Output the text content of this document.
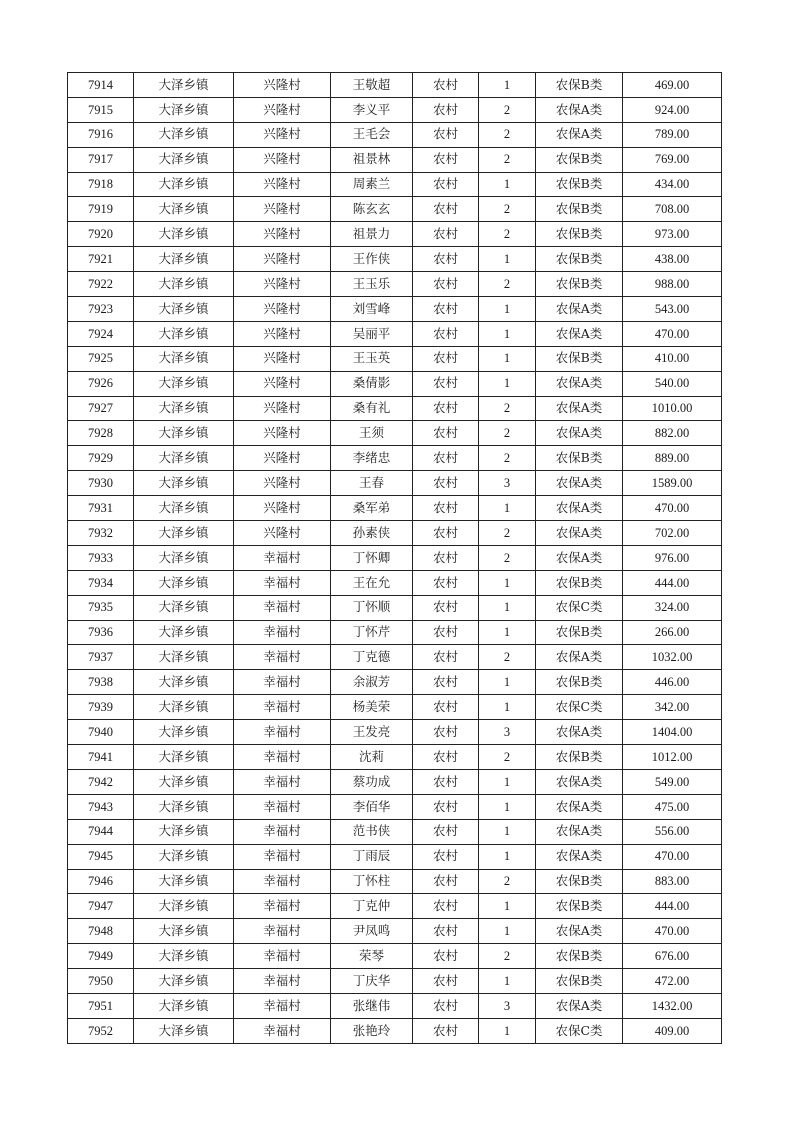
7914	大泽乡镇	兴隆村	王敬超	农村	1	农保B类	469.00
7915	大泽乡镇	兴隆村	李义平	农村	2	农保A类	924.00
7916	大泽乡镇	兴隆村	王毛会	农村	2	农保A类	789.00
7917	大泽乡镇	兴隆村	祖景林	农村	2	农保B类	769.00
7918	大泽乡镇	兴隆村	周素兰	农村	1	农保B类	434.00
7919	大泽乡镇	兴隆村	陈玄玄	农村	2	农保B类	708.00
7920	大泽乡镇	兴隆村	祖景力	农村	2	农保B类	973.00
7921	大泽乡镇	兴隆村	王作侠	农村	1	农保B类	438.00
7922	大泽乡镇	兴隆村	王玉乐	农村	2	农保B类	988.00
7923	大泽乡镇	兴隆村	刘雪峰	农村	1	农保A类	543.00
7924	大泽乡镇	兴隆村	吴丽平	农村	1	农保A类	470.00
7925	大泽乡镇	兴隆村	王玉英	农村	1	农保B类	410.00
7926	大泽乡镇	兴隆村	桑倩影	农村	1	农保A类	540.00
7927	大泽乡镇	兴隆村	桑有礼	农村	2	农保A类	1010.00
7928	大泽乡镇	兴隆村	王须	农村	2	农保A类	882.00
7929	大泽乡镇	兴隆村	李绪忠	农村	2	农保B类	889.00
7930	大泽乡镇	兴隆村	王春	农村	3	农保A类	1589.00
7931	大泽乡镇	兴隆村	桑军弟	农村	1	农保A类	470.00
7932	大泽乡镇	兴隆村	孙素侠	农村	2	农保A类	702.00
7933	大泽乡镇	幸福村	丁怀卿	农村	2	农保A类	976.00
7934	大泽乡镇	幸福村	王在允	农村	1	农保B类	444.00
7935	大泽乡镇	幸福村	丁怀顺	农村	1	农保C类	324.00
7936	大泽乡镇	幸福村	丁怀芹	农村	1	农保B类	266.00
7937	大泽乡镇	幸福村	丁克德	农村	2	农保A类	1032.00
7938	大泽乡镇	幸福村	余淑芳	农村	1	农保B类	446.00
7939	大泽乡镇	幸福村	杨美荣	农村	1	农保C类	342.00
7940	大泽乡镇	幸福村	王发亮	农村	3	农保A类	1404.00
7941	大泽乡镇	幸福村	沈莉	农村	2	农保B类	1012.00
7942	大泽乡镇	幸福村	蔡功成	农村	1	农保A类	549.00
7943	大泽乡镇	幸福村	李佰华	农村	1	农保A类	475.00
7944	大泽乡镇	幸福村	范书侠	农村	1	农保A类	556.00
7945	大泽乡镇	幸福村	丁雨辰	农村	1	农保A类	470.00
7946	大泽乡镇	幸福村	丁怀柱	农村	2	农保B类	883.00
7947	大泽乡镇	幸福村	丁克仲	农村	1	农保B类	444.00
7948	大泽乡镇	幸福村	尹凤鸣	农村	1	农保A类	470.00
7949	大泽乡镇	幸福村	荣琴	农村	2	农保B类	676.00
7950	大泽乡镇	幸福村	丁庆华	农村	1	农保B类	472.00
7951	大泽乡镇	幸福村	张继伟	农村	3	农保A类	1432.00
7952	大泽乡镇	幸福村	张艳玲	农村	1	农保C类	409.00
